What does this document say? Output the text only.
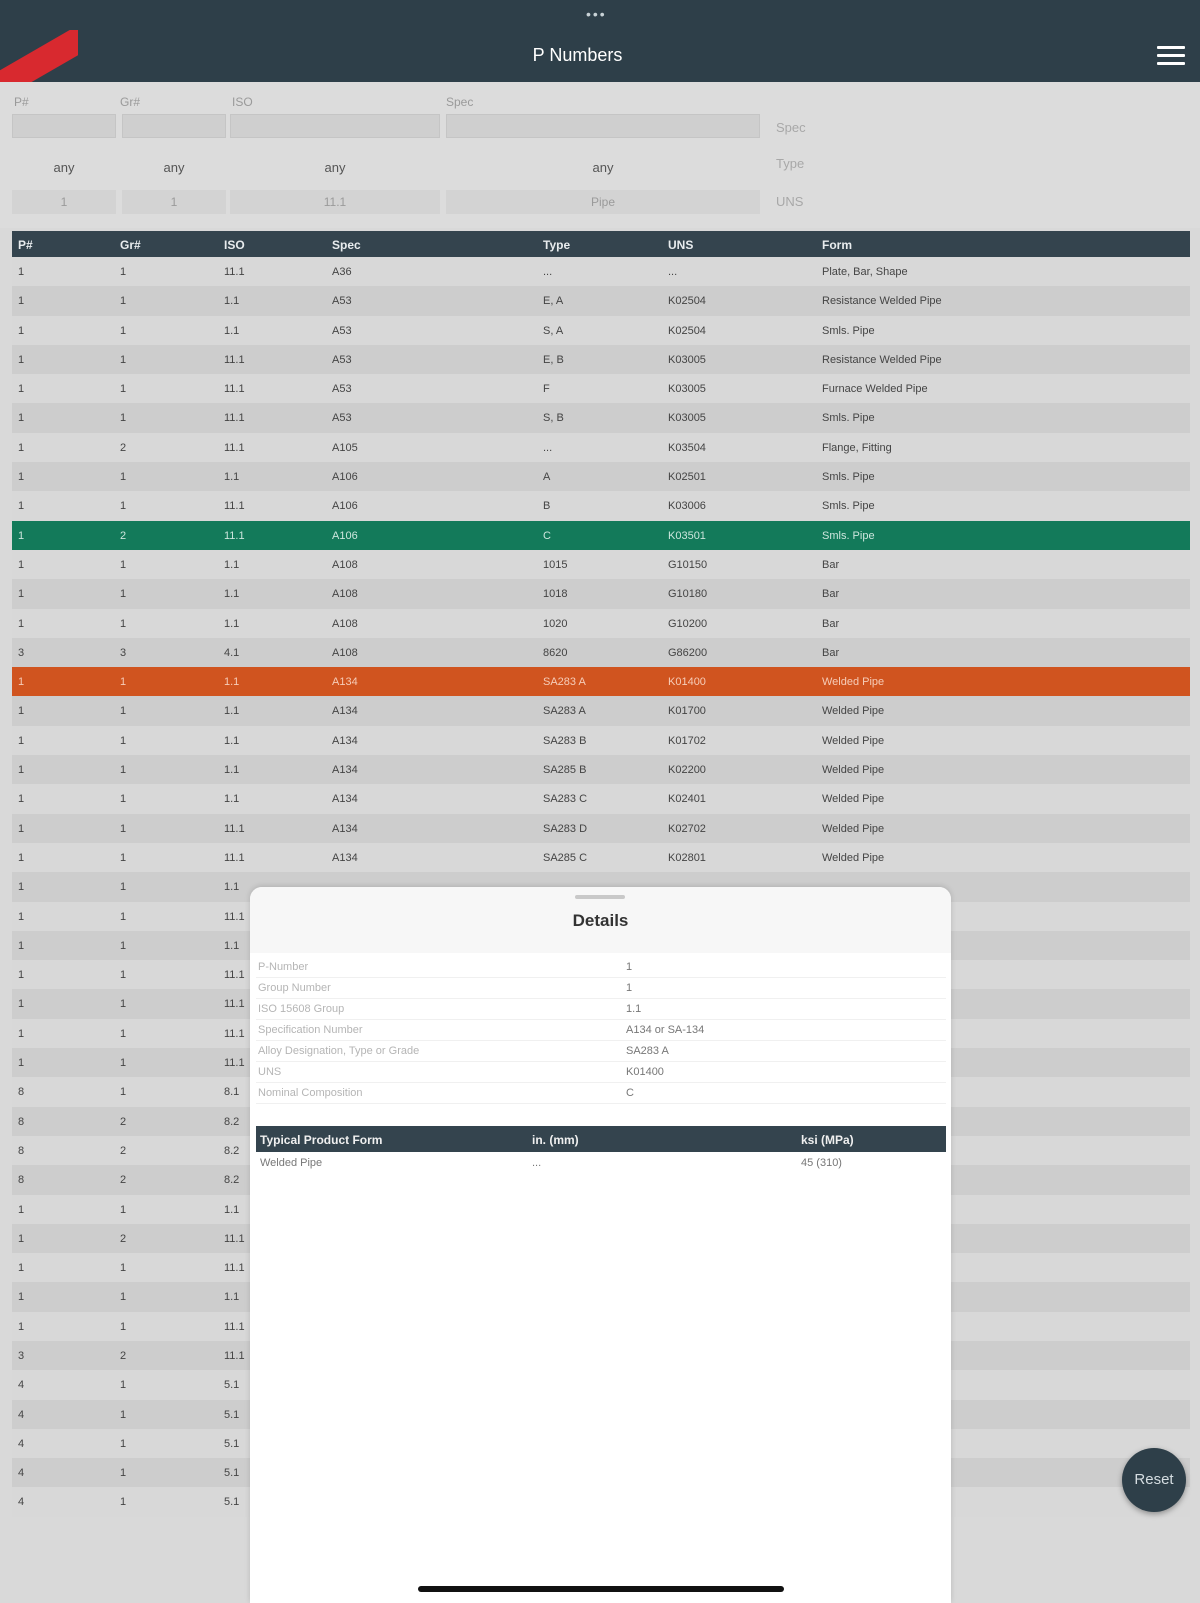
•••
P Numbers
P#	Gr#	ISO	Spec
Spec
Type
UNS
any	any	any	any
1	1	11.1	Pipe
P#	Gr#	ISO	Spec	Type	UNS	Form
1	1	11.1	A36	...	...	Plate, Bar, Shape
1	1	1.1	A53	E, A	K02504	Resistance Welded Pipe
1	1	1.1	A53	S, A	K02504	Smls. Pipe
1	1	11.1	A53	E, B	K03005	Resistance Welded Pipe
1	1	11.1	A53	F	K03005	Furnace Welded Pipe
1	1	11.1	A53	S, B	K03005	Smls. Pipe
1	2	11.1	A105	...	K03504	Flange, Fitting
1	1	1.1	A106	A	K02501	Smls. Pipe
1	1	11.1	A106	B	K03006	Smls. Pipe
1	2	11.1	A106	C	K03501	Smls. Pipe
1	1	1.1	A108	1015	G10150	Bar
1	1	1.1	A108	1018	G10180	Bar
1	1	1.1	A108	1020	G10200	Bar
3	3	4.1	A108	8620	G86200	Bar
1	1	1.1	A134	SA283 A	K01400	Welded Pipe
1	1	1.1	A134	SA283 A	K01700	Welded Pipe
1	1	1.1	A134	SA283 B	K01702	Welded Pipe
1	1	1.1	A134	SA285 B	K02200	Welded Pipe
1	1	1.1	A134	SA283 C	K02401	Welded Pipe
1	1	11.1	A134	SA283 D	K02702	Welded Pipe
1	1	11.1	A134	SA285 C	K02801	Welded Pipe
1	1	1.1
1	1	11.1
1	1	1.1
1	1	11.1
1	1	11.1
1	1	11.1
1	1	11.1
8	1	8.1
8	2	8.2
8	2	8.2
8	2	8.2
1	1	1.1
1	2	11.1
1	1	11.1
1	1	1.1
1	1	11.1
3	2	11.1
4	1	5.1
4	1	5.1
4	1	5.1
4	1	5.1
4	1	5.1
Details
P-Number	1
Group Number	1
ISO 15608 Group	1.1
Specification Number	A134 or SA-134
Alloy Designation, Type or Grade	SA283 A
UNS	K01400
Nominal Composition	C
Typical Product Form	in. (mm)	ksi (MPa)
Welded Pipe	...	45 (310)
Reset
